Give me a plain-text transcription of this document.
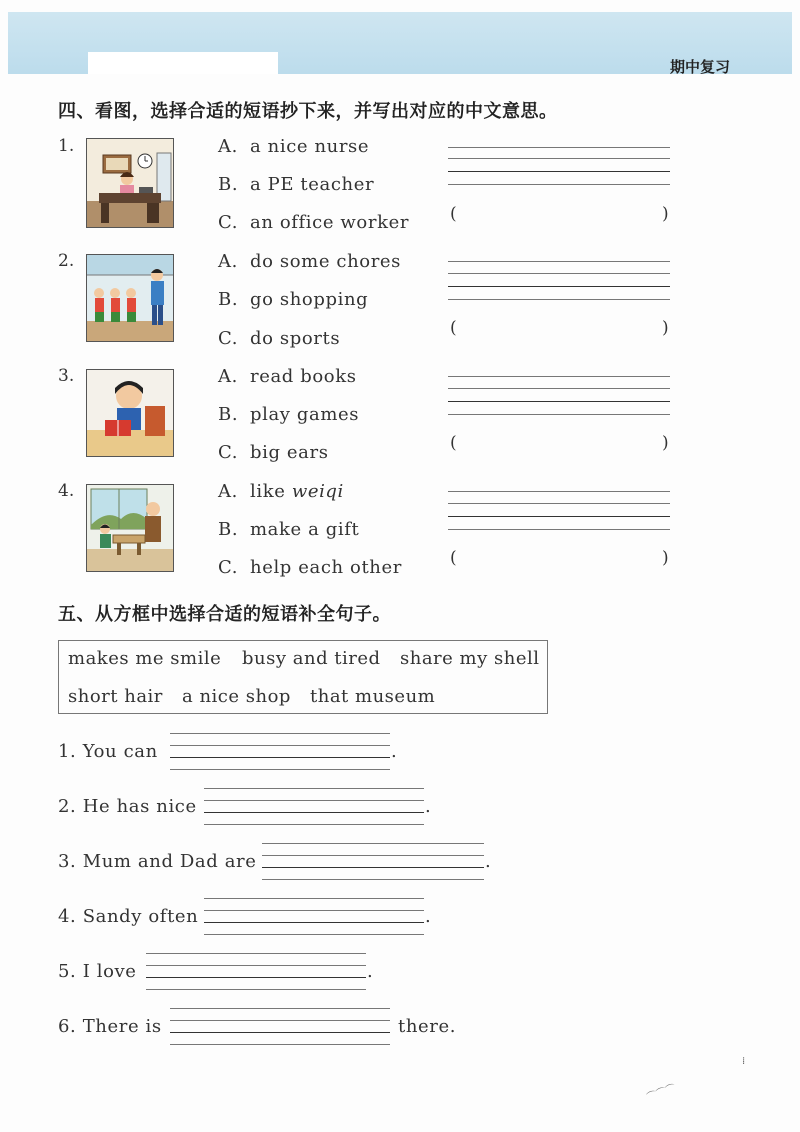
期中复习
四、看图，选择合适的短语抄下来，并写出对应的中文意思。
1.	A. a nice nurse
B. a PE teacher
C. an office worker (	)
2.	A. do some chores
B. go shopping
C. do sports	(	)
3.	A. read books
B. play games
C. big ears	(	)
4.	A. like weiqi
B. make a gift
C. help each other	(	)
五、从方框中选择合适的短语补全句子。
makes me smile busy and tired share my shell
short hair a nice shop that museum
1. You can	.
2. He has nice	.
3. Mum and Dad are	.
4. Sandy often	.
5. I love	.
6. There is	there.
⌒⌒⌒
⁞
